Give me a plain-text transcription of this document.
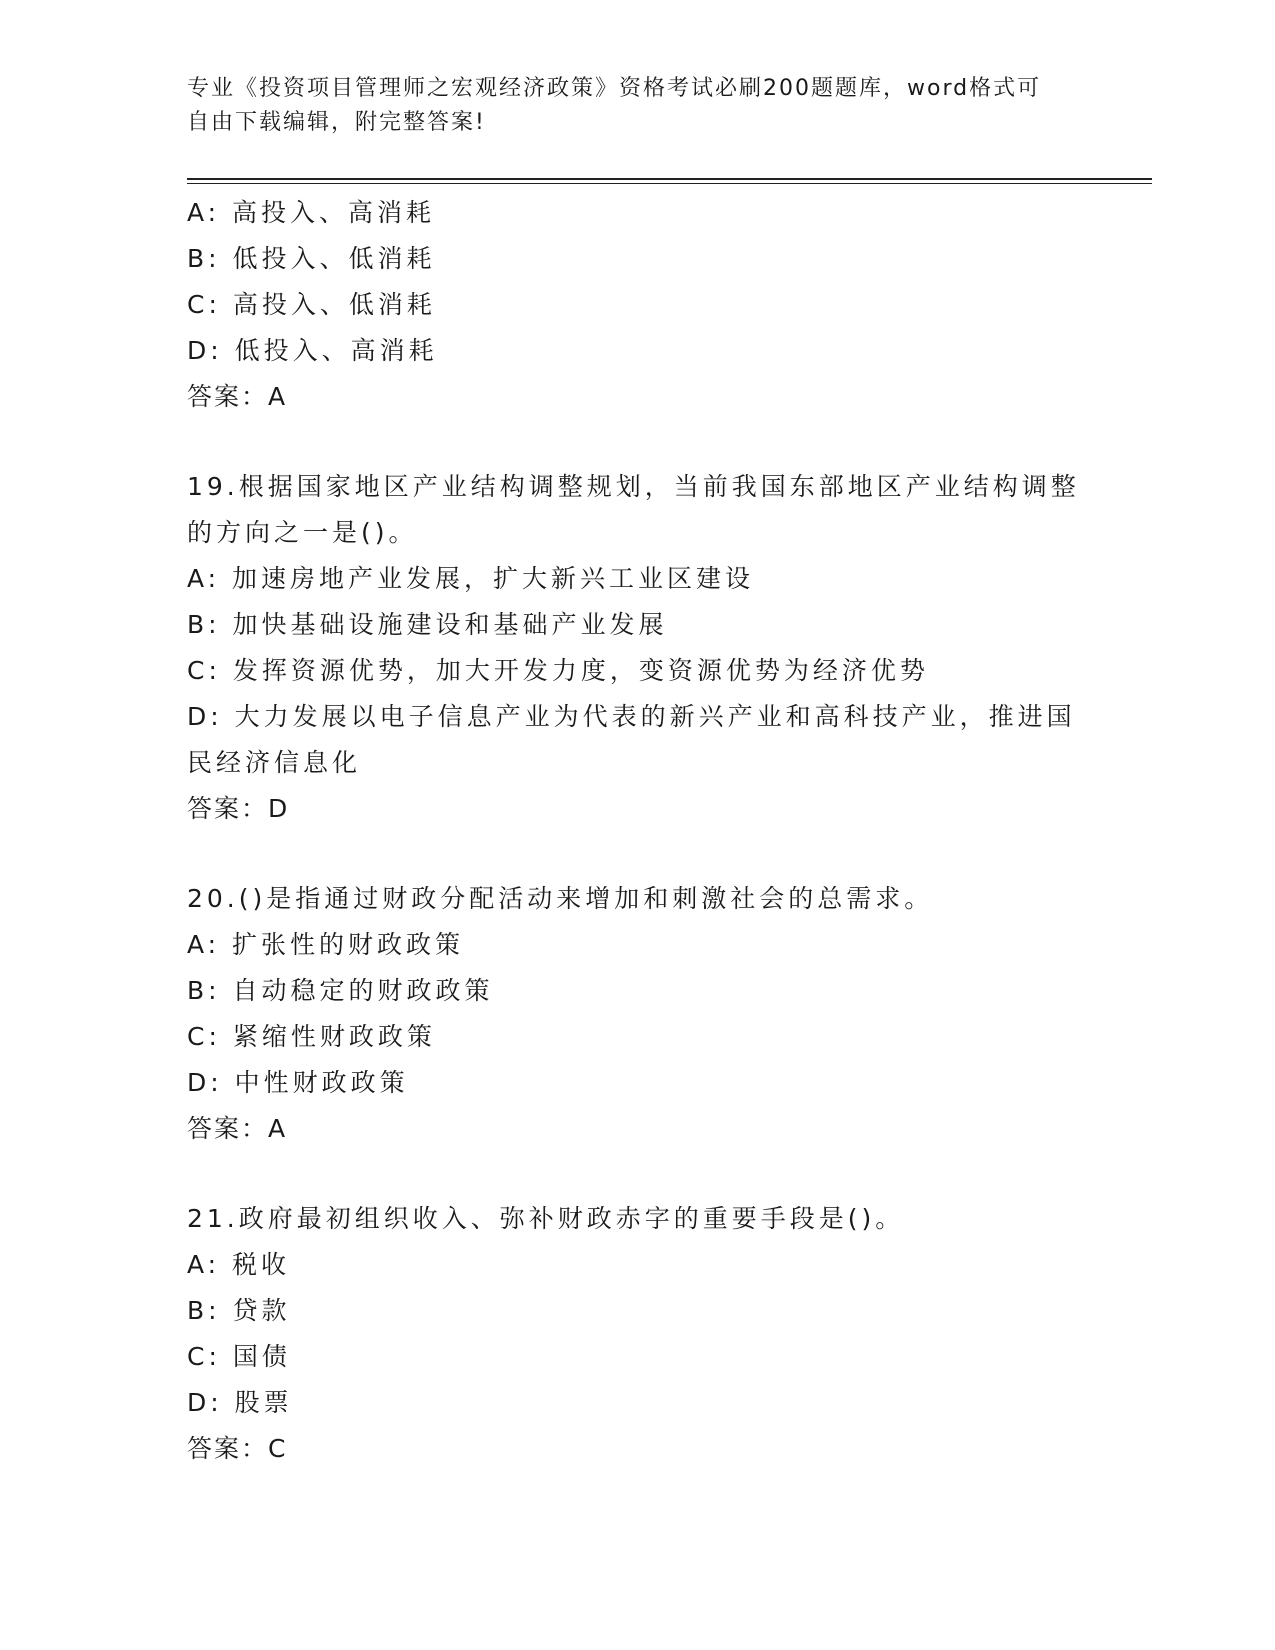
专业《投资项目管理师之宏观经济政策》资格考试必刷200题题库，word格式可
自由下载编辑，附完整答案!
A: 高投入、高消耗
B: 低投入、低消耗
C: 高投入、低消耗
D: 低投入、高消耗
答案：A
19.根据国家地区产业结构调整规划，当前我国东部地区产业结构调整
的方向之一是()。
A: 加速房地产业发展，扩大新兴工业区建设
B: 加快基础设施建设和基础产业发展
C: 发挥资源优势，加大开发力度，变资源优势为经济优势
D: 大力发展以电子信息产业为代表的新兴产业和高科技产业，推进国
民经济信息化
答案：D
20.()是指通过财政分配活动来增加和刺激社会的总需求。
A: 扩张性的财政政策
B: 自动稳定的财政政策
C: 紧缩性财政政策
D: 中性财政政策
答案：A
21.政府最初组织收入、弥补财政赤字的重要手段是()。
A: 税收
B: 贷款
C: 国债
D: 股票
答案：C
